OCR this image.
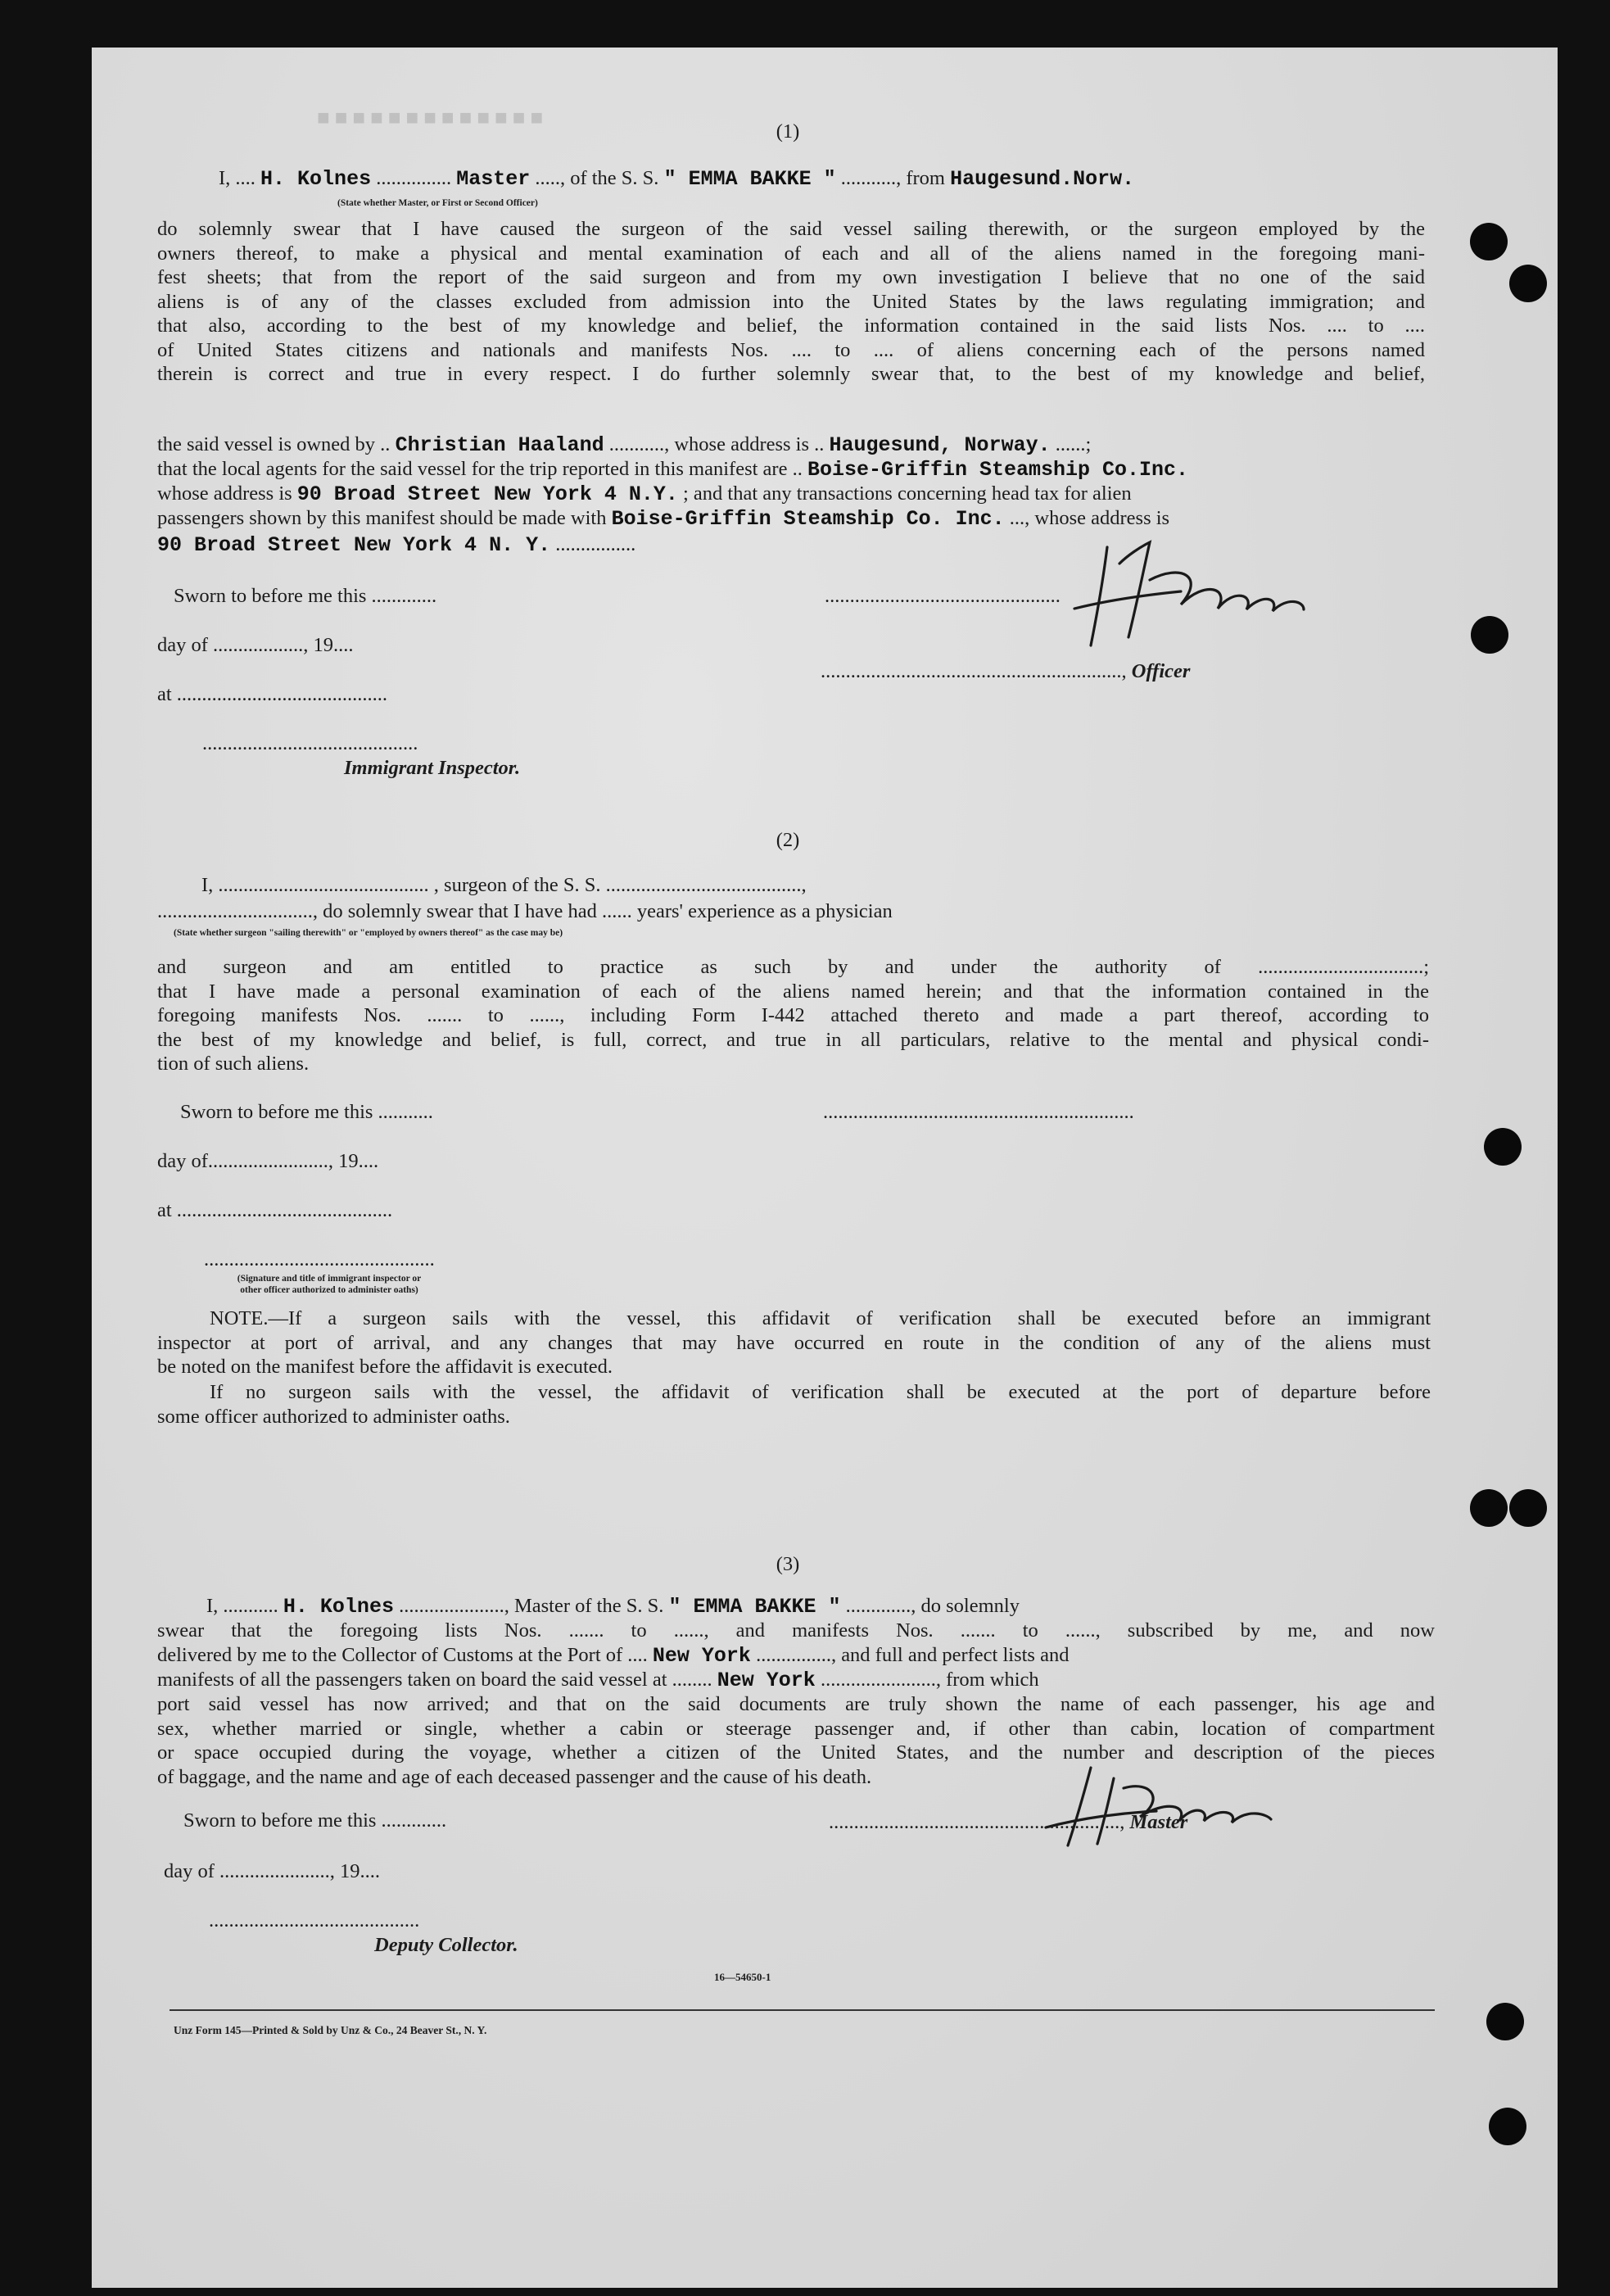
■■■■■■■■■■■■■
(1)
I, .... H. Kolnes ............... Master ....., of the S. S. " EMMA BAKKE " ..........., from Haugesund.Norw.
(State whether Master, or First or Second Officer)
do solemnly swear that I have caused the surgeon of the said vessel sailing therewith, or the surgeon employed by the
owners thereof, to make a physical and mental examination of each and all of the aliens named in the foregoing mani-
fest sheets; that from the report of the said surgeon and from my own investigation I believe that no one of the said
aliens is of any of the classes excluded from admission into the United States by the laws regulating immigration; and
that also, according to the best of my knowledge and belief, the information contained in the said lists Nos. .... to ....
of United States citizens and nationals and manifests Nos. .... to .... of aliens concerning each of the persons named
therein is correct and true in every respect. I do further solemnly swear that, to the best of my knowledge and belief,
the said vessel is owned by .. Christian Haaland ..........., whose address is .. Haugesund, Norway. ......;
that the local agents for the said vessel for the trip reported in this manifest are .. Boise-Griffin Steamship Co.Inc.
whose address is 90 Broad Street New York 4 N.Y. ; and that any transactions concerning head tax for alien
passengers shown by this manifest should be made with Boise-Griffin Steamship Co. Inc. ..., whose address is
90 Broad Street New York 4 N. Y. ................
Sworn to before me this .............
day of .................., 19....
at ..........................................
...........................................
Immigrant Inspector.
...............................................
............................................................, Officer
(2)
I, .......................................... , surgeon of the S. S. .......................................,
..............................., do solemnly swear that I have had ...... years' experience as a physician
(State whether surgeon "sailing therewith" or "employed by owners thereof" as the case may be)
and surgeon and am entitled to practice as such by and under the authority of .................................;
that I have made a personal examination of each of the aliens named herein; and that the information contained in the
foregoing manifests Nos. ....... to ......, including Form I-442 attached thereto and made a part thereof, according to
the best of my knowledge and belief, is full, correct, and true in all particulars, relative to the mental and physical condi-
tion of such aliens.
Sworn to before me this ...........	..............................................................
day of........................, 19....
at ...........................................
..............................................
(Signature and title of immigrant inspector or
other officer authorized to administer oaths)
NOTE.—If a surgeon sails with the vessel, this affidavit of verification shall be executed before an immigrant
inspector at port of arrival, and any changes that may have occurred en route in the condition of any of the aliens must
be noted on the manifest before the affidavit is executed.
If no surgeon sails with the vessel, the affidavit of verification shall be executed at the port of departure before
some officer authorized to administer oaths.
(3)
I, ........... H. Kolnes ....................., Master of the S. S. " EMMA BAKKE " ............., do solemnly
swear that the foregoing lists Nos. ....... to ......, and manifests Nos. ....... to ......, subscribed by me, and now
delivered by me to the Collector of Customs at the Port of .... New York ..............., and full and perfect lists and
manifests of all the passengers taken on board the said vessel at ........ New York ......................., from which
port said vessel has now arrived; and that on the said documents are truly shown the name of each passenger, his age and
sex, whether married or single, whether a cabin or steerage passenger and, if other than cabin, location of compartment
or space occupied during the voyage, whether a citizen of the United States, and the number and description of the pieces
of baggage, and the name and age of each deceased passenger and the cause of his death.
Sworn to before me this .............	.........................................................., Master
day of ......................, 19....
..........................................
Deputy Collector.
16—54650-1
Unz Form 145—Printed & Sold by Unz & Co., 24 Beaver St., N. Y.
